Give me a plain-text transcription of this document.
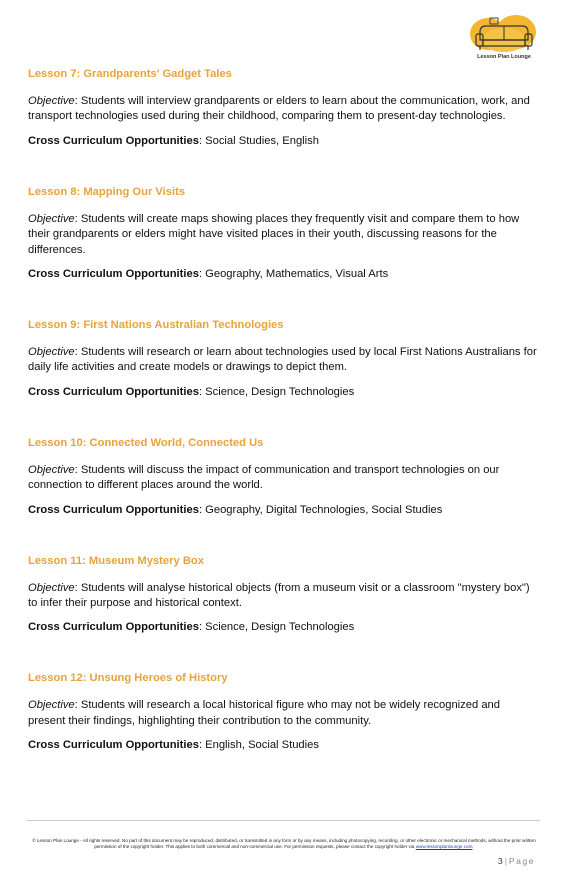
Lesson Plan Lounge

Lesson 7: Grandparents' Gadget Tales

Objective: Students will interview grandparents or elders to learn about the communication, work, and transport technologies used during their childhood, comparing them to present-day technologies.

Cross Curriculum Opportunities: Social Studies, English

Lesson 8: Mapping Our Visits

Objective: Students will create maps showing places they frequently visit and compare them to how their grandparents or elders might have visited places in their youth, discussing reasons for the differences.

Cross Curriculum Opportunities: Geography, Mathematics, Visual Arts

Lesson 9: First Nations Australian Technologies

Objective: Students will research or learn about technologies used by local First Nations Australians for daily life activities and create models or drawings to depict them.

Cross Curriculum Opportunities: Science, Design Technologies

Lesson 10: Connected World, Connected Us

Objective: Students will discuss the impact of communication and transport technologies on our connection to different places around the world.

Cross Curriculum Opportunities: Geography, Digital Technologies, Social Studies

Lesson 11: Museum Mystery Box

Objective: Students will analyse historical objects (from a museum visit or a classroom "mystery box") to infer their purpose and historical context.

Cross Curriculum Opportunities: Science, Design Technologies

Lesson 12: Unsung Heroes of History

Objective: Students will research a local historical figure who may not be widely recognized and present their findings, highlighting their contribution to the community.

Cross Curriculum Opportunities: English, Social Studies

© Lesson Plan Lounge - All rights reserved. No part of this document may be reproduced, distributed, or transmitted in any form or by any means, including photocopying, recording, or other electronic or mechanical methods, without the prior written permission of the copyright holder. This applies to both commercial and non-commercial use. For permission requests, please contact the copyright holder via www.lessonplanlounge.com.
3 | Page
